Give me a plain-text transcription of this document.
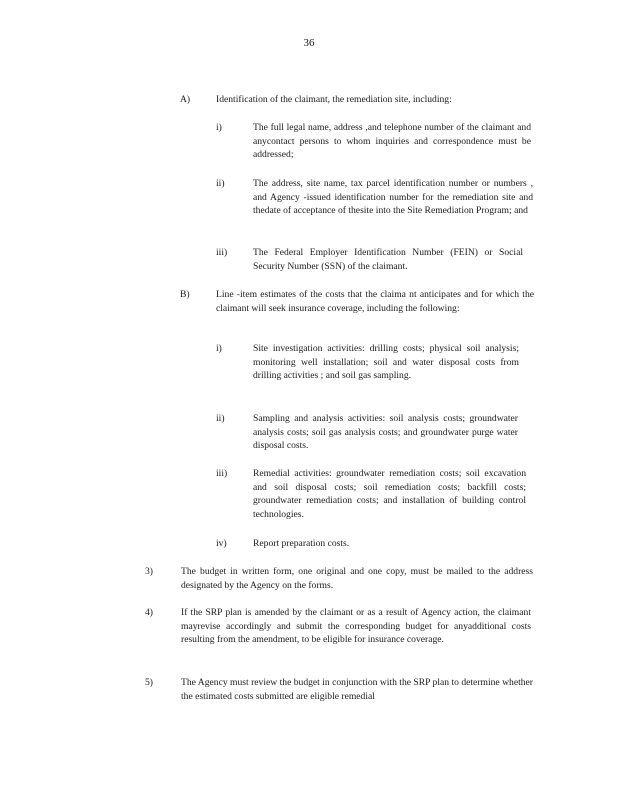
36
A)	Identification of the claimant, the remediation site, including:
i)	The full legal name, address ,and telephone number of the claimant and anycontact persons to whom inquiries and correspondence must be addressed;
ii)	The address, site name, tax parcel identification number or numbers , and Agency -issued identification number for the remediation site and thedate of acceptance of thesite into the Site Remediation Program; and
iii)	The Federal Employer Identification Number (FEIN) or Social Security Number (SSN) of the claimant.
B)	Line -item estimates of the costs that the claima nt anticipates and for which the claimant will seek insurance coverage, including the following:
i)	Site investigation activities: drilling costs; physical soil analysis; monitoring well installation; soil and water disposal costs from drilling activities ; and soil gas sampling.
ii)	Sampling and analysis activities: soil analysis costs; groundwater analysis costs; soil gas analysis costs; and groundwater purge water disposal costs.
iii)	Remedial activities: groundwater remediation costs; soil excavation and soil disposal costs; soil remediation costs; backfill costs; groundwater remediation costs; and installation of building control technologies.
iv)	Report preparation costs.
3)	The budget in written form, one original and one copy, must be mailed to the address designated by the Agency on the forms.
4)	If the SRP plan is amended by the claimant or as a result of Agency action, the claimant mayrevise accordingly and submit the corresponding budget for anyadditional costs resulting from the amendment, to be eligible for insurance coverage.
5)	The Agency must review the budget in conjunction with the SRP plan to determine whether the estimated costs submitted are eligible remedial
